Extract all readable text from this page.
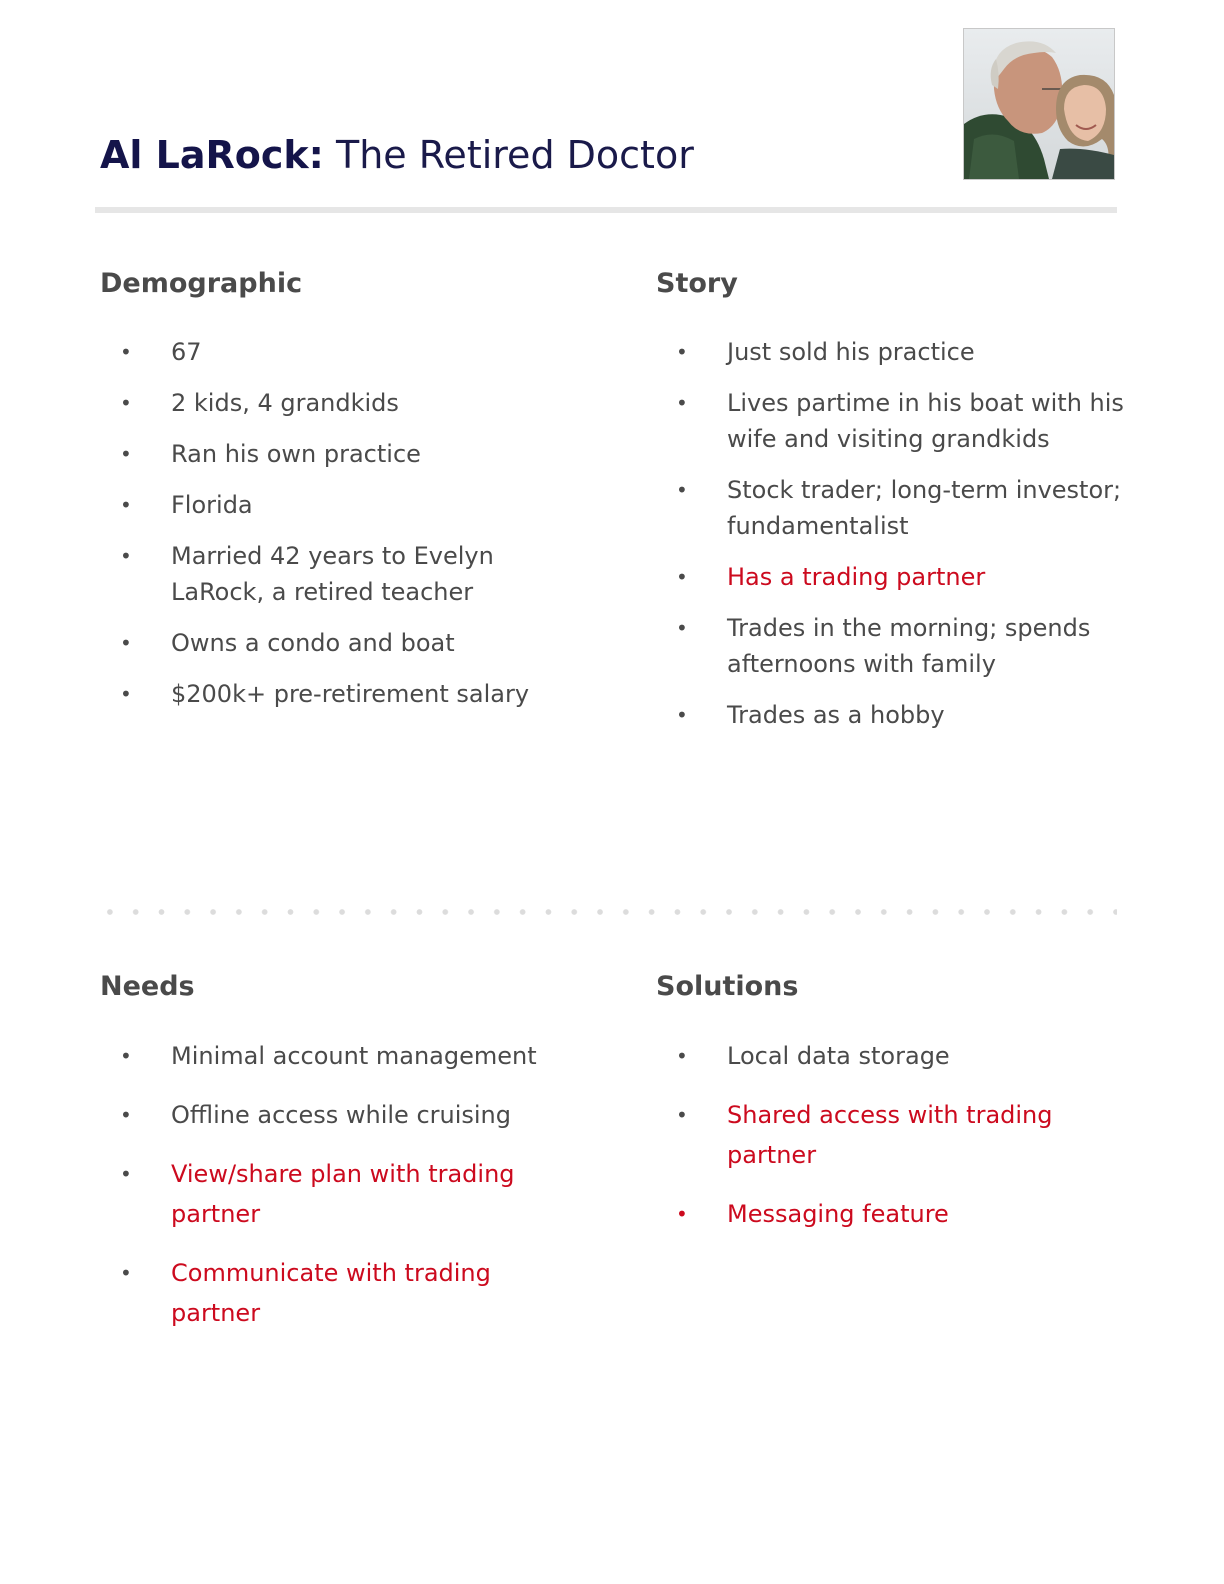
Al LaRock: The Retired Doctor
Demographic
• 67
• 2 kids, 4 grandkids
• Ran his own practice
• Florida
• Married 42 years to Evelyn LaRock, a retired teacher
• Owns a condo and boat
• $200k+ pre-retirement salary
Story
• Just sold his practice
• Lives partime in his boat with his wife and visiting grandkids
• Stock trader; long-term investor; fundamentalist
• Has a trading partner
• Trades in the morning; spends afternoons with family
• Trades as a hobby
Needs
• Minimal account management
• Offline access while cruising
• View/share plan with trading partner
• Communicate with trading partner
Solutions
• Local data storage
• Shared access with trading partner
• Messaging feature
